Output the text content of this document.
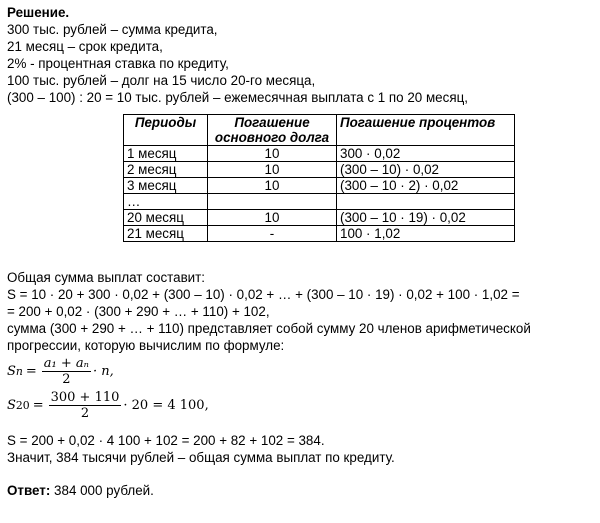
Решение.
300 тыс. рублей – сумма кредита,
21 месяц – срок кредита,
2% - процентная ставка по кредиту,
100 тыс. рублей – долг на 15 число 20-го месяца,
(300 – 100) : 20 = 10 тыс. рублей – ежемесячная выплата с 1 по 20 месяц,
Периоды	Погашение основного долга	Погашение процентов
1 месяц	10	300 · 0,02
2 месяц	10	(300 – 10) · 0,02
3 месяц	10	(300 – 10 · 2) · 0,02
…		
20 месяц	10	(300 – 10 · 19) · 0,02
21 месяц	-	100 · 1,02
Общая сумма выплат составит:
S = 10 · 20 + 300 · 0,02 + (300 – 10) · 0,02 + … + (300 – 10 · 19) · 0,02 + 100 · 1,02 =
= 200 + 0,02 · (300 + 290 + … + 110) + 102,
сумма (300 + 290 + … + 110) представляет собой сумму 20 членов арифметической
прогрессии, которую вычислим по формуле:
S $n = \frac{\text{a₁ + aₙ}}{2} \cdot n$,
S $20 = \frac{300 + 110}{2} \cdot 20 = 4$ 100,
S = 200 + 0,02 · 4 100 + 102 = 200 + 82 + 102 = 384.
Значит, 384 тысячи рублей – общая сумма выплат по кредиту.
Ответ: 384 000 рублей.
